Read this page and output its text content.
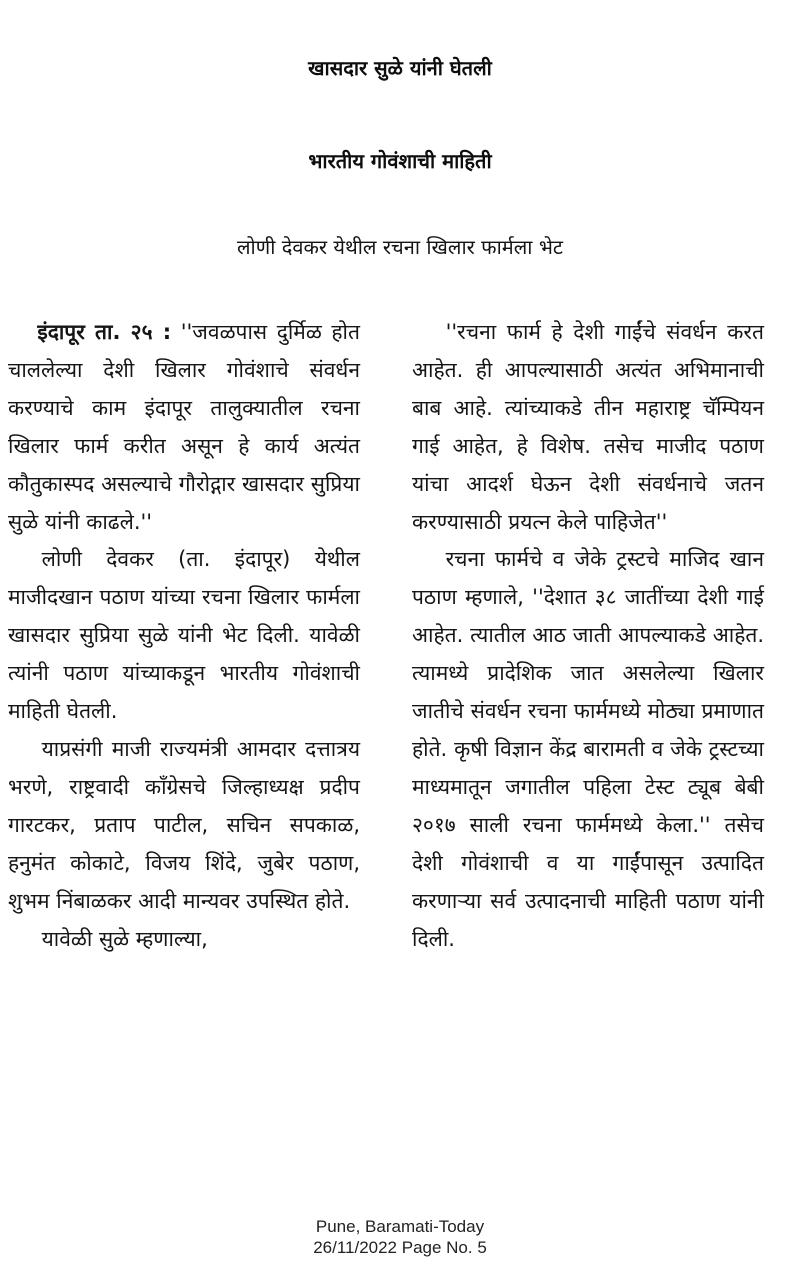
खासदार सुळे यांनी घेतली
भारतीय गोवंशाची माहिती
लोणी देवकर येथील रचना खिलार फार्मला भेट

इंदापूर ता. २५ : ''जवळपास दुर्मिळ होत चाललेल्या देशी खिलार गोवंशाचे संवर्धन करण्याचे काम इंदापूर तालुक्यातील रचना खिलार फार्म करीत असून हे कार्य अत्यंत कौतुकास्पद असल्याचे गौरोद्गार खासदार सुप्रिया सुळे यांनी काढले.''

लोणी देवकर (ता. इंदापूर) येथील माजीदखान पठाण यांच्या रचना खिलार फार्मला खासदार सुप्रिया सुळे यांनी भेट दिली. यावेळी त्यांनी पठाण यांच्याकडून भारतीय गोवंशाची माहिती घेतली.

याप्रसंगी माजी राज्यमंत्री आमदार दत्तात्रय भरणे, राष्ट्रवादी काँग्रेसचे जिल्हाध्यक्ष प्रदीप गारटकर, प्रताप पाटील, सचिन सपकाळ, हनुमंत कोकाटे, विजय शिंदे, जुबेर पठाण, शुभम निंबाळकर आदी मान्यवर उपस्थित होते.

यावेळी सुळे म्हणाल्या,

''रचना फार्म हे देशी गाईंचे संवर्धन करत आहेत. ही आपल्यासाठी अत्यंत अभिमानाची बाब आहे. त्यांच्याकडे तीन महाराष्ट्र चॅम्पियन गाई आहेत, हे विशेष. तसेच माजीद पठाण यांचा आदर्श घेऊन देशी संवर्धनाचे जतन करण्यासाठी प्रयत्न केले पाहिजेत''

रचना फार्मचे व जेके ट्रस्टचे माजिद खान पठाण म्हणाले, ''देशात ३८ जातींच्या देशी गाई आहेत. त्यातील आठ जाती आपल्याकडे आहेत. त्यामध्ये प्रादेशिक जात असलेल्या खिलार जातीचे संवर्धन रचना फार्ममध्ये मोठ्या प्रमाणात होते. कृषी विज्ञान केंद्र बारामती व जेके ट्रस्टच्या माध्यमातून जगातील पहिला टेस्ट ट्यूब बेबी २०१७ साली रचना फार्ममध्ये केला.'' तसेच देशी गोवंशाची व या गाईंपासून उत्पादित करणाऱ्या सर्व उत्पादनाची माहिती पठाण यांनी दिली.

Pune, Baramati-Today
26/11/2022 Page No. 5
